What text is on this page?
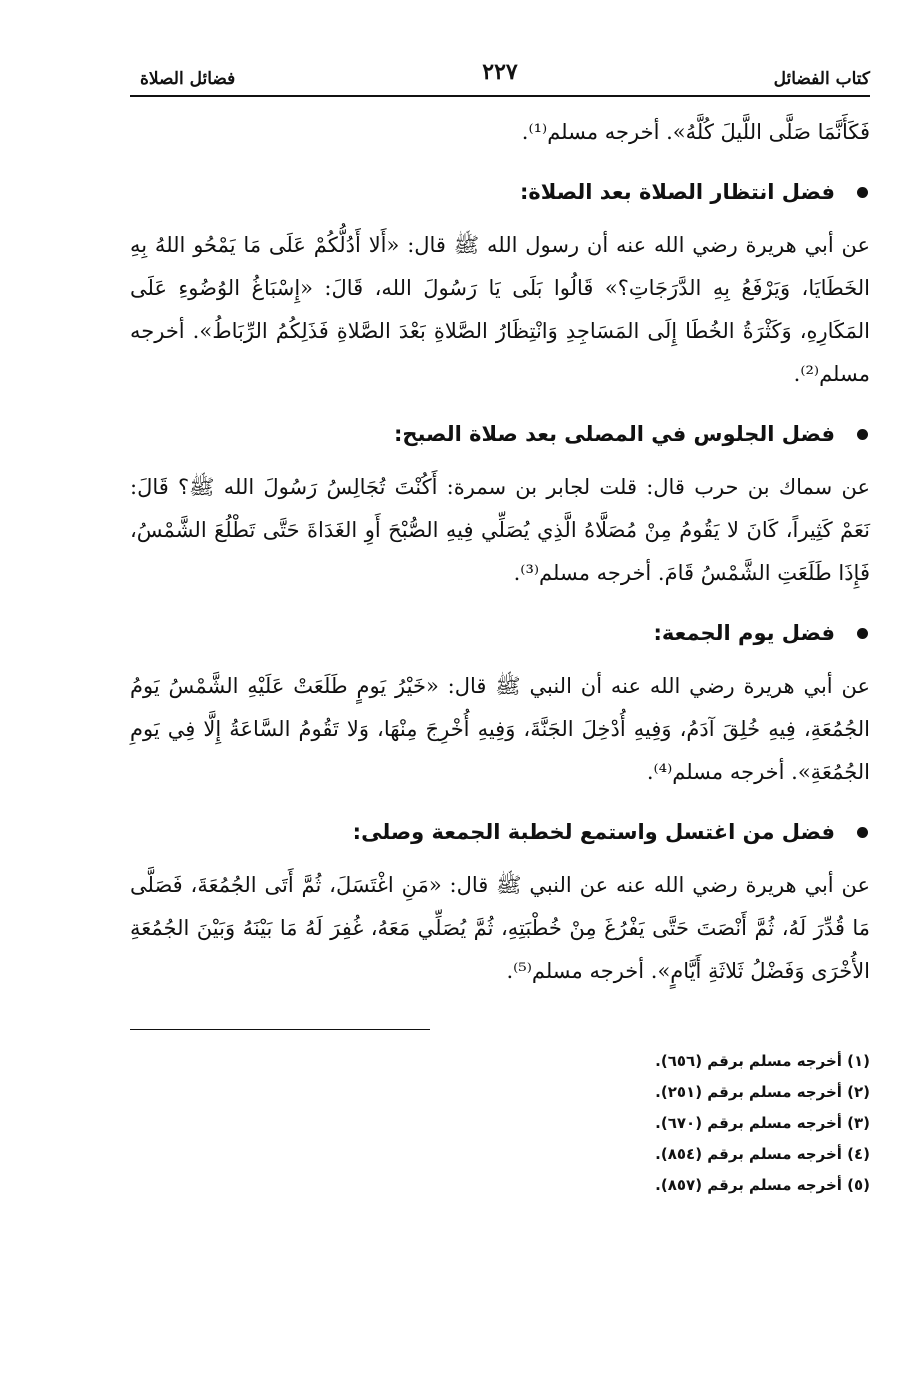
كتاب الفضائل
٢٢٧
فضائل الصلاة

فَكَأَنَّمَا صَلَّى اللَّيلَ كُلَّهُ». أخرجه مسلم⁽¹⁾.

فضل انتظار الصلاة بعد الصلاة:

عن أبي هريرة رضي الله عنه أن رسول الله ﷺ قال: «أَلا أَدُلُّكُمْ عَلَى مَا يَمْحُو اللهُ بِهِ الخَطَايَا، وَيَرْفَعُ بِهِ الدَّرَجَاتِ؟» قَالُوا بَلَى يَا رَسُولَ الله، قَالَ: «إِسْبَاغُ الوُضُوءِ عَلَى المَكَارِهِ، وَكَثْرَةُ الخُطَا إِلَى المَسَاجِدِ وَانْتِظَارُ الصَّلاةِ بَعْدَ الصَّلاةِ فَذَلِكُمُ الرِّبَاطُ». أخرجه مسلم⁽²⁾.

فضل الجلوس في المصلى بعد صلاة الصبح:

عن سماك بن حرب قال: قلت لجابر بن سمرة: أَكُنْتَ تُجَالِسُ رَسُولَ الله ﷺ؟ قَالَ: نَعَمْ كَثِيراً، كَانَ لا يَقُومُ مِنْ مُصَلَّاهُ الَّذِي يُصَلِّي فِيهِ الصُّبْحَ أَوِ الغَدَاةَ حَتَّى تَطْلُعَ الشَّمْسُ، فَإِذَا طَلَعَتِ الشَّمْسُ قَامَ. أخرجه مسلم⁽³⁾.

فضل يوم الجمعة:

عن أبي هريرة رضي الله عنه أن النبي ﷺ قال: «خَيْرُ يَومٍ طَلَعَتْ عَلَيْهِ الشَّمْسُ يَومُ الجُمُعَةِ، فِيهِ خُلِقَ آدَمُ، وَفِيهِ أُدْخِلَ الجَنَّةَ، وَفِيهِ أُخْرِجَ مِنْهَا، وَلا تَقُومُ السَّاعَةُ إِلَّا فِي يَومِ الجُمُعَةِ». أخرجه مسلم⁽⁴⁾.

فضل من اغتسل واستمع لخطبة الجمعة وصلى:

عن أبي هريرة رضي الله عنه عن النبي ﷺ قال: «مَنِ اغْتَسَلَ، ثُمَّ أَتَى الجُمُعَةَ، فَصَلَّى مَا قُدِّرَ لَهُ، ثُمَّ أَنْصَتَ حَتَّى يَفْرُغَ مِنْ خُطْبَتِهِ، ثُمَّ يُصَلِّي مَعَهُ، غُفِرَ لَهُ مَا بَيْنَهُ وَبَيْنَ الجُمُعَةِ الأُخْرَى وَفَضْلُ ثَلاثَةِ أَيَّامٍ». أخرجه مسلم⁽⁵⁾.

(١) أخرجه مسلم برقم (٦٥٦).
(٢) أخرجه مسلم برقم (٢٥١).
(٣) أخرجه مسلم برقم (٦٧٠).
(٤) أخرجه مسلم برقم (٨٥٤).
(٥) أخرجه مسلم برقم (٨٥٧).
